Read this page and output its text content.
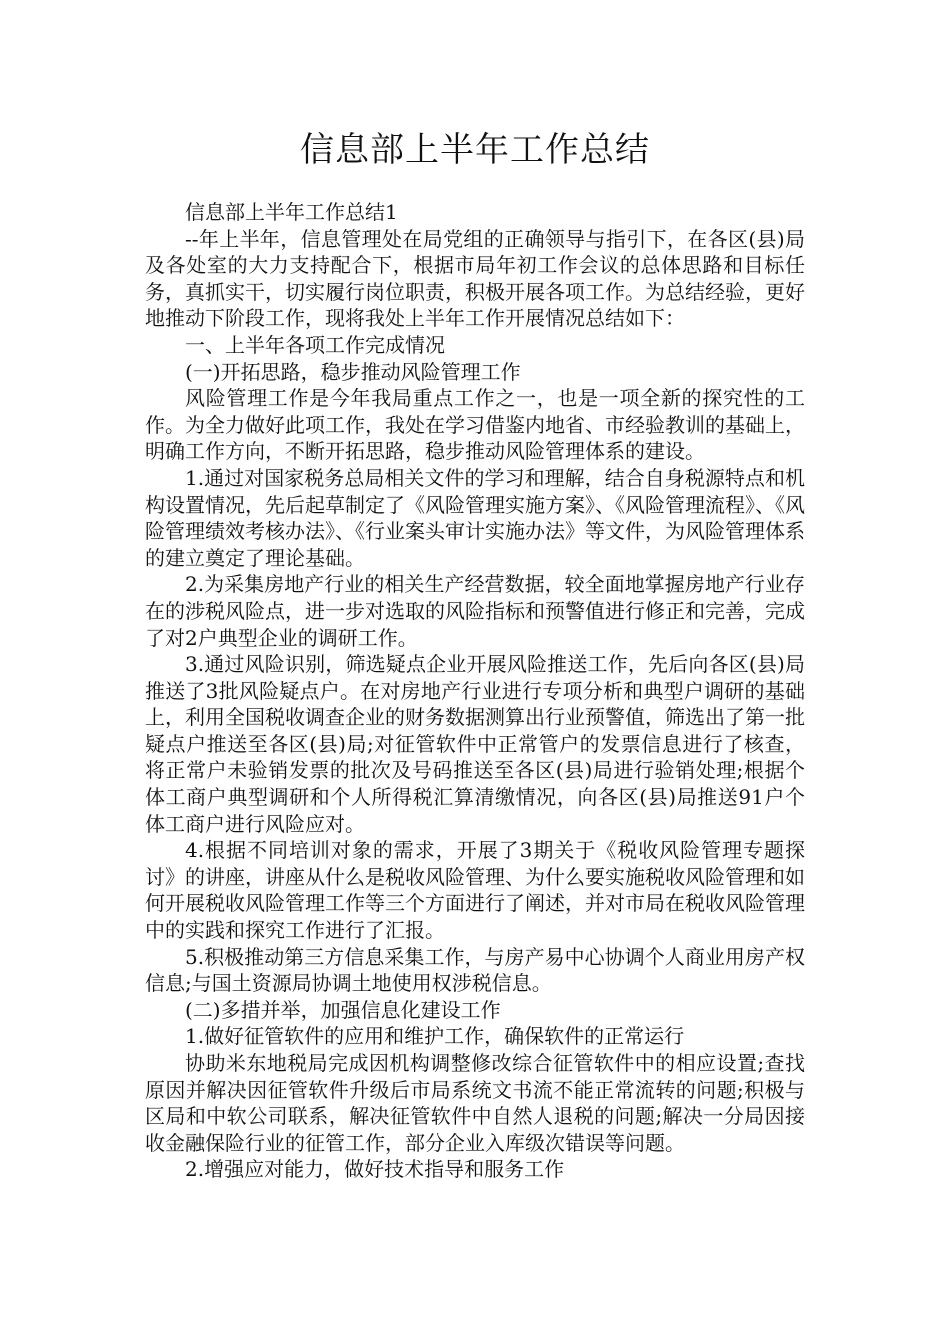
信息部上半年工作总结

信息部上半年工作总结1

--年上半年，信息管理处在局党组的正确领导与指引下，在各区(县)局及各处室的大力支持配合下，根据市局年初工作会议的总体思路和目标任务，真抓实干，切实履行岗位职责，积极开展各项工作。为总结经验，更好地推动下阶段工作，现将我处上半年工作开展情况总结如下：

一、上半年各项工作完成情况

(一)开拓思路，稳步推动风险管理工作

风险管理工作是今年我局重点工作之一，也是一项全新的探究性的工作。为全力做好此项工作，我处在学习借鉴内地省、市经验教训的基础上，明确工作方向，不断开拓思路，稳步推动风险管理体系的建设。

1.通过对国家税务总局相关文件的学习和理解，结合自身税源特点和机构设置情况，先后起草制定了《风险管理实施方案》、《风险管理流程》、《风险管理绩效考核办法》、《行业案头审计实施办法》等文件，为风险管理体系的建立奠定了理论基础。

2.为采集房地产行业的相关生产经营数据，较全面地掌握房地产行业存在的涉税风险点，进一步对选取的风险指标和预警值进行修正和完善，完成了对2户典型企业的调研工作。

3.通过风险识别，筛选疑点企业开展风险推送工作，先后向各区(县)局推送了3批风险疑点户。在对房地产行业进行专项分析和典型户调研的基础上，利用全国税收调查企业的财务数据测算出行业预警值，筛选出了第一批疑点户推送至各区(县)局;对征管软件中正常管户的发票信息进行了核查，将正常户未验销发票的批次及号码推送至各区(县)局进行验销处理;根据个体工商户典型调研和个人所得税汇算清缴情况，向各区(县)局推送91户个体工商户进行风险应对。

4.根据不同培训对象的需求，开展了3期关于《税收风险管理专题探讨》的讲座，讲座从什么是税收风险管理、为什么要实施税收风险管理和如何开展税收风险管理工作等三个方面进行了阐述，并对市局在税收风险管理中的实践和探究工作进行了汇报。

5.积极推动第三方信息采集工作，与房产易中心协调个人商业用房产权信息;与国土资源局协调土地使用权涉税信息。

(二)多措并举，加强信息化建设工作

1.做好征管软件的应用和维护工作，确保软件的正常运行

协助米东地税局完成因机构调整修改综合征管软件中的相应设置;查找原因并解决因征管软件升级后市局系统文书流不能正常流转的问题;积极与区局和中软公司联系，解决征管软件中自然人退税的问题;解决一分局因接收金融保险行业的征管工作，部分企业入库级次错误等问题。

2.增强应对能力，做好技术指导和服务工作
